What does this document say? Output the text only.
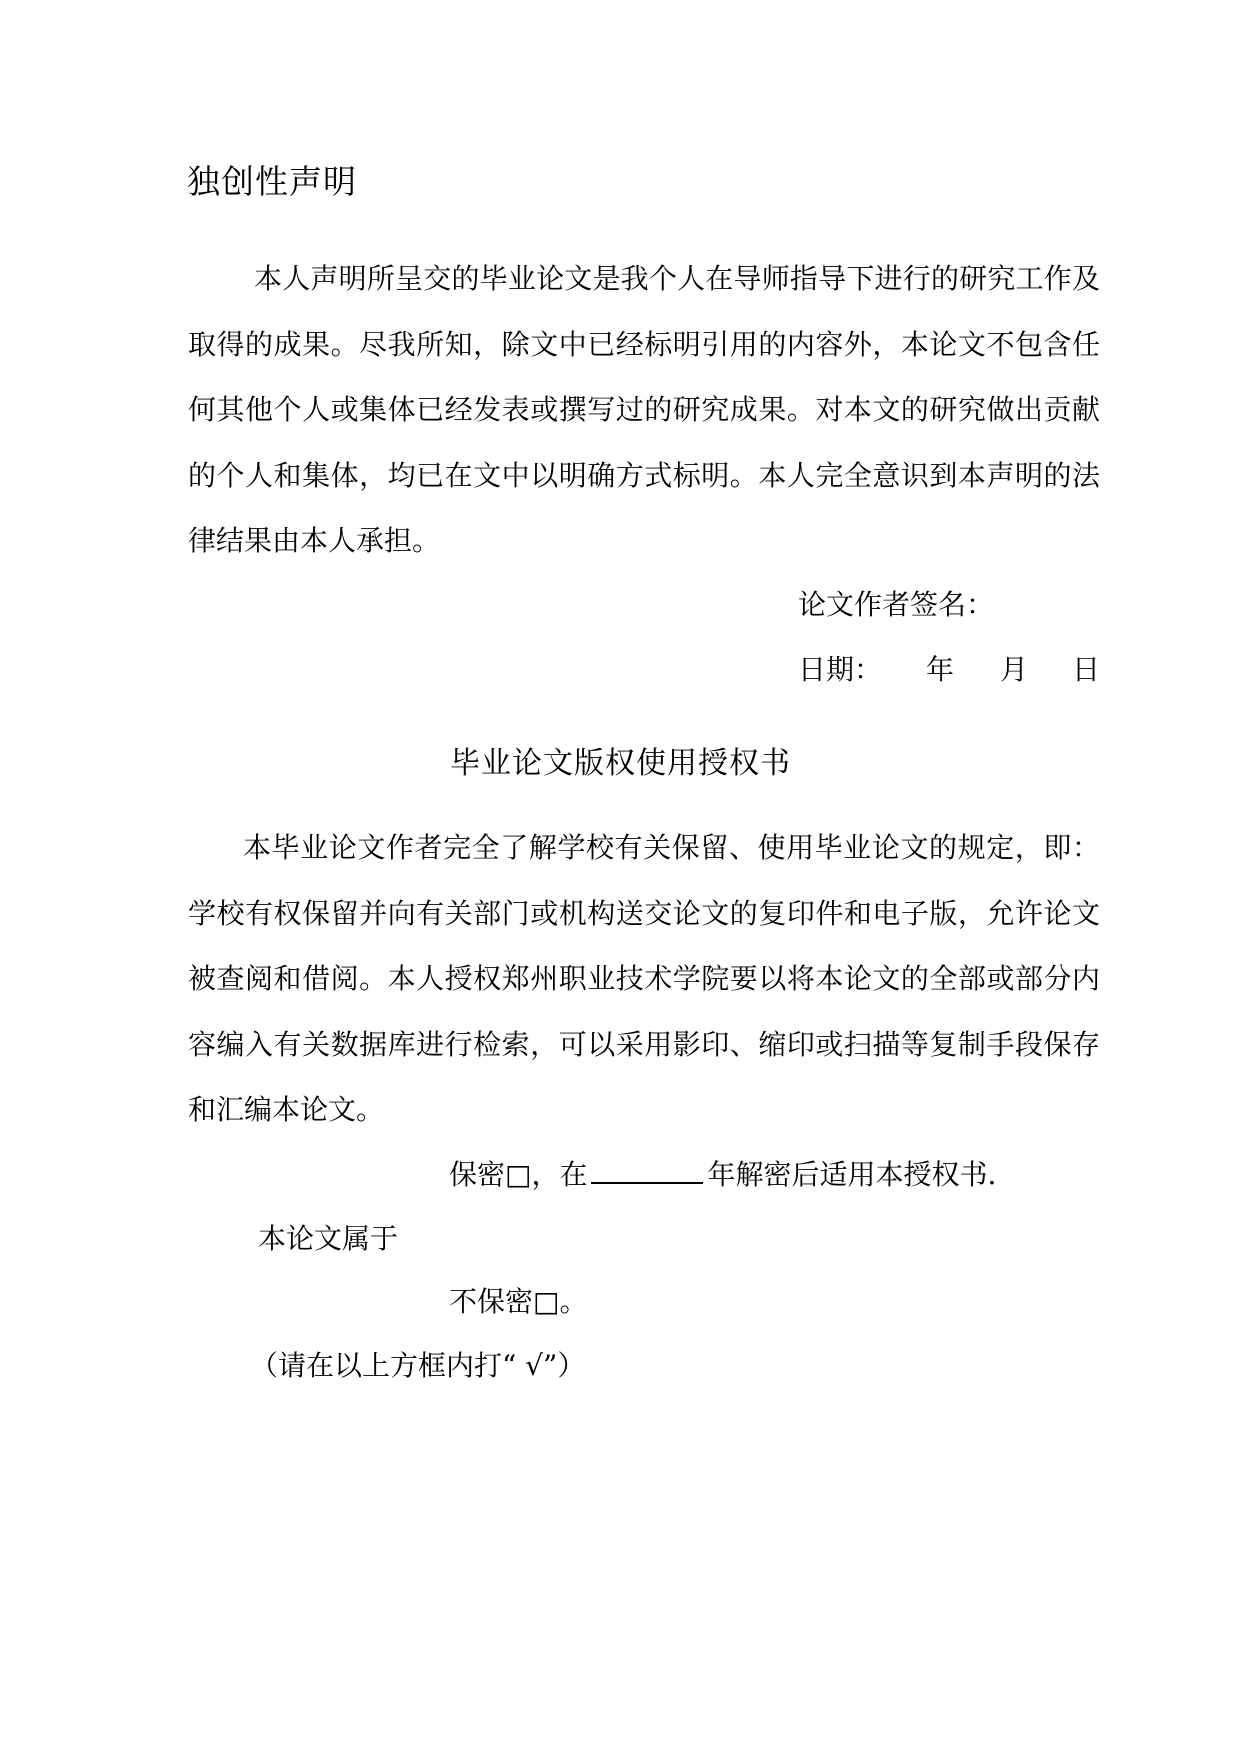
独创性声明
本人声明所呈交的毕业论文是我个人在导师指导下进行的研究工作及取得的成果。尽我所知，除文中已经标明引用的内容外，本论文不包含任何其他个人或集体已经发表或撰写过的研究成果。对本文的研究做出贡献的个人和集体，均已在文中以明确方式标明。本人完全意识到本声明的法律结果由本人承担。
论文作者签名：
日期： 年 月 日
毕业论文版权使用授权书
本毕业论文作者完全了解学校有关保留、使用毕业论文的规定，即：学校有权保留并向有关部门或机构送交论文的复印件和电子版，允许论文被查阅和借阅。本人授权郑州职业技术学院要以将本论文的全部或部分内容编入有关数据库进行检索，可以采用影印、缩印或扫描等复制手段保存和汇编本论文。
保密□，在	年解密后适用本授权书.
本论文属于
不保密□。
（请在以上方框内打“ √”）
